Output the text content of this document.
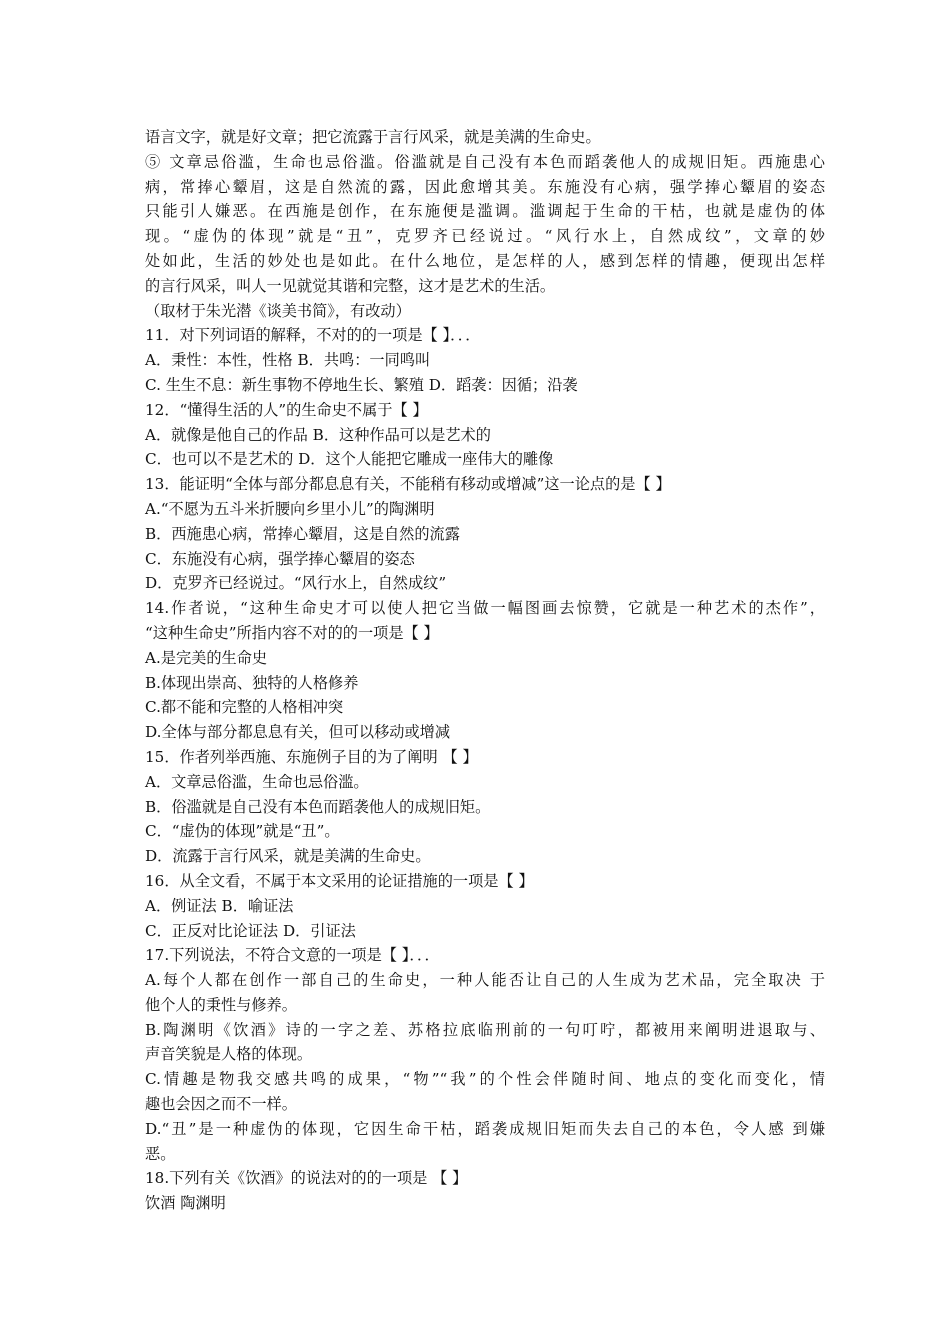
语言文字，就是好文章；把它流露于言行风采，就是美满的生命史。
⑤ 文章忌俗滥，生命也忌俗滥。俗滥就是自己没有本色而蹈袭他人的成规旧矩。西施患心
病，常捧心颦眉，这是自然流的露，因此愈增其美。东施没有心病，强学捧心颦眉的姿态
只能引人嫌恶。在西施是创作，在东施便是滥调。滥调起于生命的干枯，也就是虚伪的体
现。“虚伪的体现”就是“丑”，克罗齐已经说过。“风行水上，自然成纹”，文章的妙
处如此，生活的妙处也是如此。在什么地位，是怎样的人，感到怎样的情趣，便现出怎样
的言行风采，叫人一见就觉其谐和完整，这才是艺术的生活。
（取材于朱光潜《谈美书简》，有改动）
11．对下列词语的解释，不对的的一项是【 】．．．
A．秉性：本性，性格 B．共鸣：一同鸣叫
C. 生生不息：新生事物不停地生长、繁殖 D．蹈袭：因循；沿袭
12．“懂得生活的人”的生命史不属于【 】
A．就像是他自己的作品 B．这种作品可以是艺术的
C．也可以不是艺术的 D．这个人能把它雕成一座伟大的雕像
13．能证明“全体与部分都息息有关，不能稍有移动或增减”这一论点的是【 】
A.“不愿为五斗米折腰向乡里小儿”的陶渊明
B．西施患心病，常捧心颦眉，这是自然的流露
C．东施没有心病，强学捧心颦眉的姿态
D．克罗齐已经说过。“风行水上，自然成纹”
14.作者说，“这种生命史才可以使人把它当做一幅图画去惊赞，它就是一种艺术的杰作”，
“这种生命史”所指内容不对的的一项是【 】
A.是完美的生命史
B.体现出崇高、独特的人格修养
C.都不能和完整的人格相冲突
D.全体与部分都息息有关，但可以移动或增减
15．作者列举西施、东施例子目的为了阐明 【 】
A．文章忌俗滥，生命也忌俗滥。
B．俗滥就是自己没有本色而蹈袭他人的成规旧矩。
C．“虚伪的体现”就是“丑”。
D．流露于言行风采，就是美满的生命史。
16．从全文看，不属于本文采用的论证措施的一项是【 】
A．例证法 B．喻证法
C．正反对比论证法 D．引证法
17.下列说法，不符合文意的一项是【 】．．．
A.每个人都在创作一部自己的生命史，一种人能否让自己的人生成为艺术品，完全取决 于
他个人的秉性与修养。
B.陶渊明《饮酒》诗的一字之差、苏格拉底临刑前的一句叮咛，都被用来阐明进退取与、
声音笑貌是人格的体现。
C.情趣是物我交感共鸣的成果，“物”“我”的个性会伴随时间、地点的变化而变化，情
趣也会因之而不一样。
D.“丑”是一种虚伪的体现，它因生命干枯，蹈袭成规旧矩而失去自己的本色，令人感 到嫌
恶。
18.下列有关《饮酒》的说法对的的一项是 【 】
饮酒 陶渊明
